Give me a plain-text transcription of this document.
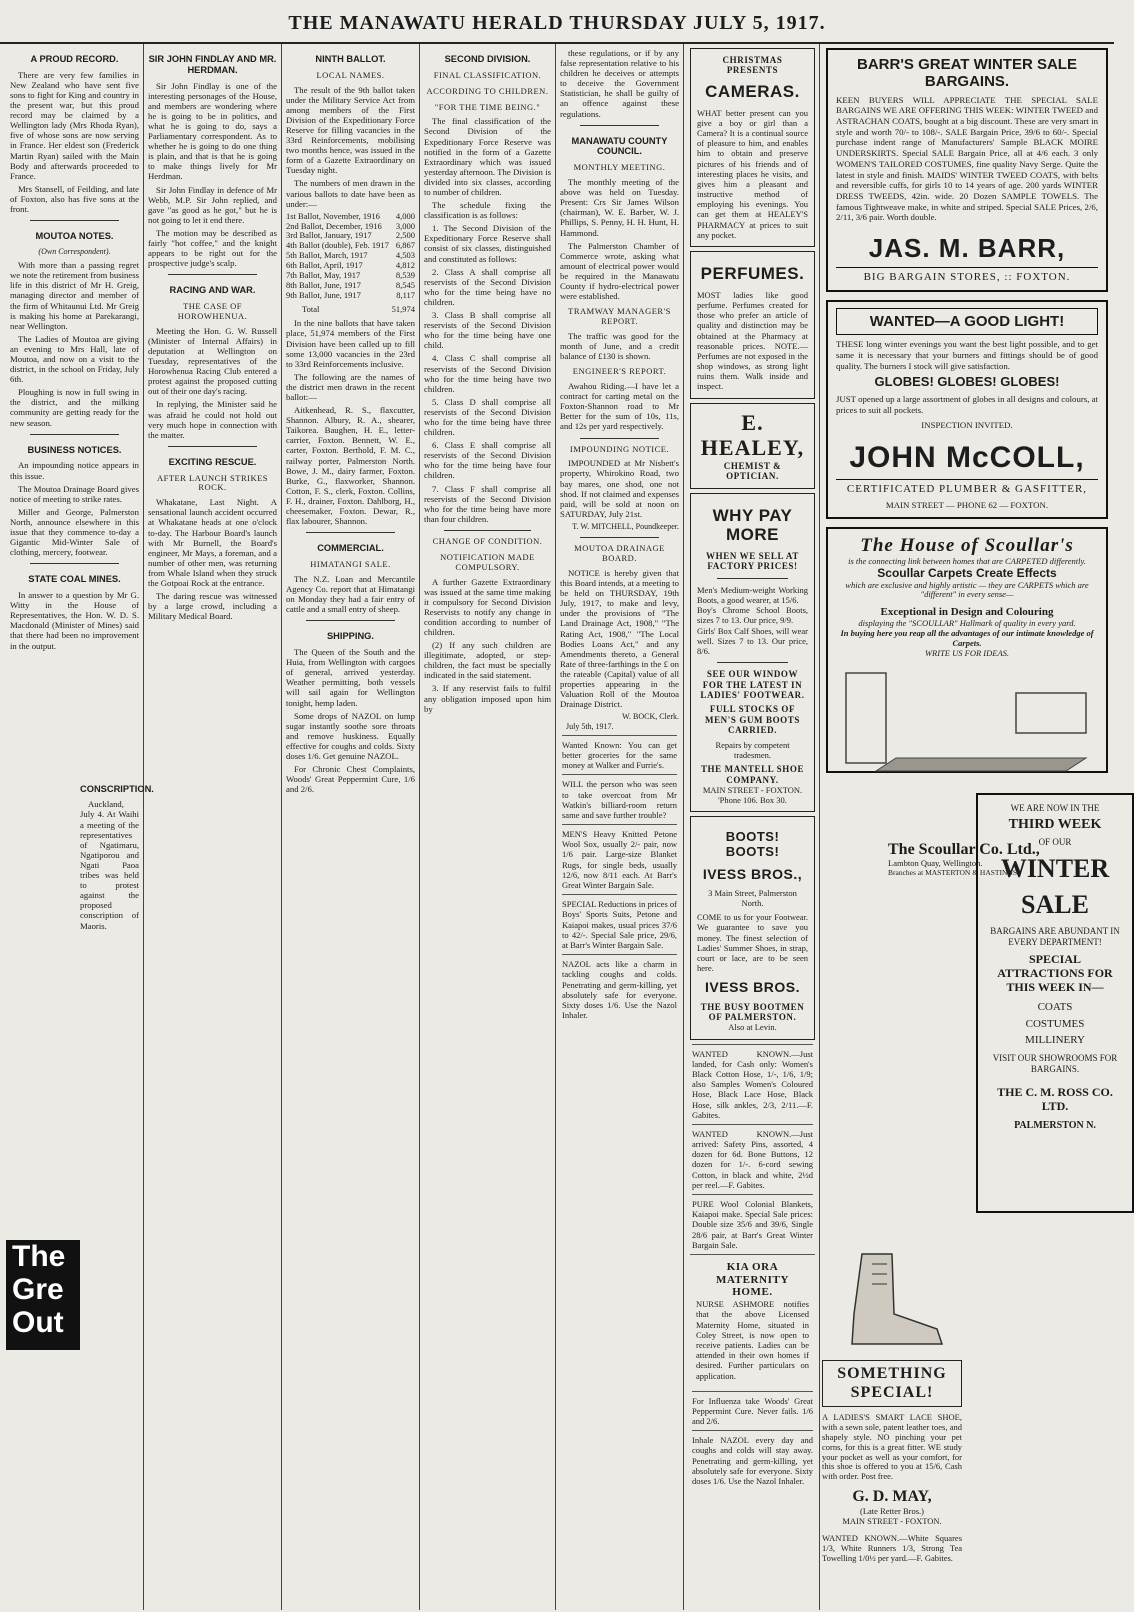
THE MANAWATU HERALD THURSDAY JULY 5, 1917.
A PROUD RECORD.

There are very few families in New Zealand who have sent five sons to fight for King and country in the present war, but this proud record may be claimed by a Wellington lady (Mrs Rhoda Ryan), five of whose sons are now serving in France. Her eldest son (Frederick Martin Ryan) sailed with the Main Body and afterwards proceeded to France.

Mrs Stansell, of Feilding, and late of Foxton, also has five sons at the front.

MOUTOA NOTES.
(Own Correspondent).

With more than a passing regret we note the retirement from business life in this district of Mr H. Greig, managing director and member of the firm of Whitaunui Ltd. Mr Greig is making his home at Parekarangi, near Wellington.

The Ladies of Moutoa are giving an evening to Mrs Hall, late of Moutoa, and now on a visit to the district, in the school on Friday, July 6th.

Ploughing is now in full swing in the district, and the milking community are getting ready for the new season.

BUSINESS NOTICES.

An impounding notice appears in this issue.

The Moutoa Drainage Board gives notice of meeting to strike rates.

Miller and George, Palmerston North, announce elsewhere in this issue that they commence to-day a Gigantic Mid-Winter Sale of clothing, mercery, footwear.

STATE COAL MINES.

In answer to a question by Mr G. Witty in the House of Representatives, the Hon. W. D. S. Macdonald (Minister of Mines) said that there had been no improvement in the output.

CONSCRIPTION.

Auckland, July 4. At Waihi a meeting of the representatives of Ngatimaru, Ngatiporou and Ngati Paoa tribes was held to protest against the proposed conscription of Maoris.

The Gre Out
SIR JOHN FINDLAY AND MR. HERDMAN.

Sir John Findlay is one of the interesting personages of the House, and members are wondering where he is going to be in politics, and what he is going to do, says a Parliamentary correspondent. As to whether he is going to do one thing is plain, and that is that he is going to make things lively for Mr Herdman.

Sir John Findlay in defence of Mr Webb, M.P. Sir John replied, and gave "as good as he got," but he is not going to let it end there.

The motion may be described as fairly "hot coffee," and the knight appears to be right out for the prospective judge's scalp.

RACING AND WAR.
THE CASE OF HOROWHENUA.

Meeting the Hon. G. W. Russell (Minister of Internal Affairs) in deputation at Wellington on Tuesday, representatives of the Horowhenua Racing Club entered a protest against the proposed cutting out of their one day's racing.

In replying, the Minister said he was afraid he could not hold out very much hope in connection with the matter.

EXCITING RESCUE.
AFTER LAUNCH STRIKES ROCK.

Whakatane, Last Night. A sensational launch accident occurred at Whakatane heads at one o'clock to-day. The Harbour Board's launch with Mr Burnell, the Board's engineer, Mr Mays, a foreman, and a number of other men, was returning from Whale Island when they struck the Gotpoai Rock at the entrance.

The daring rescue was witnessed by a large crowd, including a Military Medical Board.

NINTH BALLOT.
LOCAL NAMES.

The result of the 9th ballot taken under the Military Service Act from among members of the First Division of the Expeditionary Force Reserve for filling vacancies in the 33rd Reinforcements, mobilising two months hence, was issued in the form of a Gazette Extraordinary on Tuesday night.

The numbers of men drawn in the various ballots to date have been as under:—

1st Ballot, November, 1916 4,000
2nd Ballot, December, 1916 3,000
3rd Ballot, January, 1917	2,500
4th Ballot (double), Feb. 1917 6,867
5th Ballot, March, 1917	4,503
6th Ballot, April, 1917	4,812
7th Ballot, May, 1917	8,539
8th Ballot, June, 1917	8,545
9th Ballot, June, 1917	8,117
Total	51,974

In the nine ballots that have taken place, 51,974 members of the First Division have been called up to fill some 13,000 vacancies in the 23rd to 33rd Reinforcements inclusive.

The following are the names of the district men drawn in the recent ballot:—

Aitkenhead, R. S., flaxcutter, Shannon. Albury, R. A., shearer, Taikorea. Baughen, H. E., letter-carrier, Foxton. Bennett, W. E., carter, Foxton. Berthold, F. M. C., railway porter, Palmerston North. Bowe, J. M., dairy farmer, Foxton. Burke, G., flaxworker, Shannon. Cotton, F. S., clerk, Foxton. Collins, F. H., drainer, Foxton. Dahlborg, H., cheesemaker, Foxton. Dewar, R., flax labourer, Shannon.

COMMERCIAL.
HIMATANGI SALE.

The N.Z. Loan and Mercantile Agency Co. report that at Himatangi on Monday they had a fair entry of cattle and a small entry of sheep.

SHIPPING.

The Queen of the South and the Huia, from Wellington with cargoes of general, arrived yesterday. Weather permitting, both vessels will sail again for Wellington tonight, hemp laden.

Some drops of NAZOL on lump sugar instantly soothe sore throats and remove huskiness. Equally effective for coughs and colds. Sixty doses 1/6. Get genuine NAZOL.

For Chronic Chest Complaints, Woods' Great Peppermint Cure, 1/6 and 2/6.

SECOND DIVISION.
FINAL CLASSIFICATION.
ACCORDING TO CHILDREN.
"FOR THE TIME BEING."

The final classification of the Second Division of the Expeditionary Force Reserve was notified in the form of a Gazette Extraordinary which was issued yesterday afternoon. The Division is divided into six classes, according to number of children.

The schedule fixing the classification is as follows:

1. The Second Division of the Expeditionary Force Reserve shall consist of six classes, distinguished and constituted as follows:

2. Class A shall comprise all reservists of the Second Division who for the time being have no children.

3. Class B shall comprise all reservists of the Second Division who for the time being have one child.

4. Class C shall comprise all reservists of the Second Division who for the time being have two children.

5. Class D shall comprise all reservists of the Second Division who for the time being have three children.

6. Class E shall comprise all reservists of the Second Division who for the time being have four children.

7. Class F shall comprise all reservists of the Second Division who for the time being have more than four children.

CHANGE OF CONDITION.
NOTIFICATION MADE COMPULSORY.

A further Gazette Extraordinary was issued at the same time making it compulsory for Second Division Reservists to notify any change in condition according to number of children.

(2) If any such children are illegitimate, adopted, or step-children, the fact must be specially indicated in the said statement.

3. If any reservist fails to fulfil any obligation imposed upon him by

these regulations, or if by any false representation relative to his children he deceives or attempts to deceive the Government Statistician, he shall be guilty of an offence against these regulations.

MANAWATU COUNTY COUNCIL.
MONTHLY MEETING.

The monthly meeting of the above was held on Tuesday. Present: Crs Sir James Wilson (chairman), W. E. Barber, W. J. Phillips, S. Penny, H. H. Hunt, H. Hammond.

The Palmerston Chamber of Commerce wrote, asking what amount of electrical power would be required in the Manawatu County if hydro-electrical power were established.

TRAMWAY MANAGER'S REPORT.

The traffic was good for the month of June, and a credit balance of £130 is shown.

ENGINEER'S REPORT.

Awahou Riding.—I have let a contract for carting metal on the Foxton-Shannon road to Mr Better for the sum of 10s, 11s, and 12s per yard respectively.

IMPOUNDING NOTICE.

IMPOUNDED at Mr Nisbett's property, Whirokino Road, two bay mares, one shod, one not shod. If not claimed and expenses paid, will be sold at noon on SATURDAY, July 21st.

T. W. MITCHELL, Poundkeeper.
MOUTOA DRAINAGE BOARD.

NOTICE is hereby given that this Board intends, at a meeting to be held on THURSDAY, 19th July, 1917, to make and levy, under the provisions of "The Land Drainage Act, 1908," "The Rating Act, 1908," "The Local Bodies Loans Act," and any Amendments thereto, a General Rate of three-farthings in the £ on the rateable (Capital) value of all properties appearing in the Valuation Roll of the Moutoa Drainage District.

W. BOCK, Clerk.
July 5th, 1917.
Wanted Known: You can get better groceries for the same money at Walker and Furrie's.
WILL the person who was seen to take overcoat from Mr Watkin's billiard-room return same and save further trouble?
MEN'S Heavy Knitted Petone Wool Sox, usually 2/- pair, now 1/6 pair. Large-size Blanket Rugs, for single beds, usually 12/6, now 8/11 each. At Barr's Great Winter Bargain Sale.
SPECIAL Reductions in prices of Boys' Sports Suits, Petone and Kaiapoi makes, usual prices 37/6 to 42/-. Special Sale price, 29/6, at Barr's Winter Bargain Sale.
NAZOL acts like a charm in tackling coughs and colds. Penetrating and germ-killing, yet absolutely safe for everyone. Sixty doses 1/6. Use the Nazol Inhaler.
CHRISTMAS PRESENTS
CAMERAS.
WHAT better present can you give a boy or girl than a Camera? It is a continual source of pleasure to him, and enables him to obtain and preserve pictures of his friends and of interesting places he visits, and gives him a pleasant and instructive method of employing his evenings. You can get them at HEALEY'S PHARMACY at prices to suit any pocket.
PERFUMES.
MOST ladies like good perfume. Perfumes created for those who prefer an article of quality and distinction may be obtained at the Pharmacy at reasonable prices. NOTE.—Perfumes are not exposed in the shop windows, as strong light ruins them. Walk inside and inspect.
E. HEALEY,
CHEMIST & OPTICIAN.
WHY PAY MORE
WHEN WE SELL AT FACTORY PRICES!
Men's Medium-weight Working Boots, a good wearer, at 15/6.
Boy's Chrome School Boots, sizes 7 to 13. Our price, 9/9.
Girls' Box Calf Shoes, will wear well. Sizes 7 to 13. Our price, 8/6.
SEE OUR WINDOW FOR THE LATEST IN LADIES' FOOTWEAR.
FULL STOCKS OF MEN'S GUM BOOTS CARRIED.
Repairs by competent tradesmen.
THE MANTELL SHOE COMPANY.
MAIN STREET - FOXTON.
'Phone 106. Box 30.
BOOTS! BOOTS!
IVESS BROS.,
3 Main Street, Palmerston North.
COME to us for your Footwear. We guarantee to save you money. The finest selection of Ladies' Summer Shoes, in strap, court or lace, are to be seen here.
IVESS BROS.
THE BUSY BOOTMEN OF PALMERSTON.
Also at Levin.
WANTED KNOWN.—Just landed, for Cash only: Women's Black Cotton Hose, 1/-, 1/6, 1/9; also Samples Women's Coloured Hose, Black Lace Hose, Black Hose, silk ankles, 2/3, 2/11.—F. Gabites.
WANTED KNOWN.—Just arrived: Safety Pins, assorted, 4 dozen for 6d. Bone Buttons, 12 dozen for 1/-. 6-cord sewing Cotton, in black and white, 2½d per reel.—F. Gabites.
PURE Wool Colonial Blankets, Kaiapoi make. Special Sale prices: Double size 35/6 and 39/6, Single 28/6 pair, at Barr's Great Winter Bargain Sale.
KIA ORA MATERNITY HOME.
NURSE ASHMORE notifies that the above Licensed Maternity Home, situated in Coley Street, is now open to receive patients. Ladies can be attended in their own homes if desired. Further particulars on application.
For Influenza take Woods' Great Peppermint Cure. Never fails. 1/6 and 2/6.
Inhale NAZOL every day and coughs and colds will stay away. Penetrating and germ-killing, yet absolutely safe for everyone. Sixty doses 1/6. Use the Nazol Inhaler.
BARR'S GREAT WINTER SALE BARGAINS.
KEEN BUYERS WILL APPRECIATE THE SPECIAL SALE BARGAINS WE ARE OFFERING THIS WEEK: WINTER TWEED and ASTRACHAN COATS, bought at a big discount. These are very smart in style and worth 70/- to 108/-. SALE Bargain Price, 39/6 to 60/-. Special purchase indent range of Manufacturers' Sample BLACK MOIRE UNDERSKIRTS. Special SALE Bargain Price, all at 4/6 each. 3 only WOMEN'S TAILORED COSTUMES, fine quality Navy Serge. Quite the latest in style and finish. MAIDS' WINTER TWEED COATS, with belts and reversible cuffs, for girls 10 to 14 years of age. 200 yards WINTER DRESS TWEEDS, 42in. wide. 20 Dozen SAMPLE TOWELS. The famous Tightweave make, in white and striped. Special SALE Prices, 2/6, 2/11, 3/6 pair. Worth double.
JAS. M. BARR,
BIG BARGAIN STORES, :: FOXTON.
WANTED—A GOOD LIGHT!
THESE long winter evenings you want the best light possible, and to get same it is necessary that your burners and fittings should be of good quality. The burners I stock will give satisfaction.
GLOBES! GLOBES! GLOBES!
JUST opened up a large assortment of globes in all designs and colours, at prices to suit all pockets.
INSPECTION INVITED.
JOHN McCOLL,
CERTIFICATED PLUMBER & GASFITTER,
MAIN STREET — PHONE 62 — FOXTON.
The House of Scoullar's
is the connecting link between homes that are CARPETED differently.
Scoullar Carpets Create Effects
which are exclusive and highly artistic — they are CARPETS which are "different" in every sense—
Exceptional in Design and Colouring
displaying the "SCOULLAR" Hallmark of quality in every yard.
In buying here you reap all the advantages of our intimate knowledge of Carpets.
WRITE US FOR IDEAS.
The Scoullar Co. Ltd.,
Lambton Quay, Wellington.
Branches at MASTERTON & HASTINGS
WE ARE NOW IN THE
THIRD WEEK
OF OUR
WINTER
SALE
BARGAINS ARE ABUNDANT IN EVERY DEPARTMENT!
SPECIAL ATTRACTIONS FOR THIS WEEK IN—
COATS
COSTUMES
MILLINERY
VISIT OUR SHOWROOMS FOR BARGAINS.
THE C. M. ROSS CO. LTD.
PALMERSTON N.
SOMETHING SPECIAL!
A LADIES'S SMART LACE SHOE, with a sewn sole, patent leather toes, and shapely style. NO pinching your pet corns, for this is a great fitter. WE study your pocket as well as your comfort, for this shoe is offered to you at 15/6, Cash with order. Post free.
G. D. MAY,
(Late Retter Bros.)
MAIN STREET - FOXTON.
WANTED KNOWN.—White Squares 1/3, White Runners 1/3, Strong Tea Towelling 1/0½ per yard.—F. Gabites.
